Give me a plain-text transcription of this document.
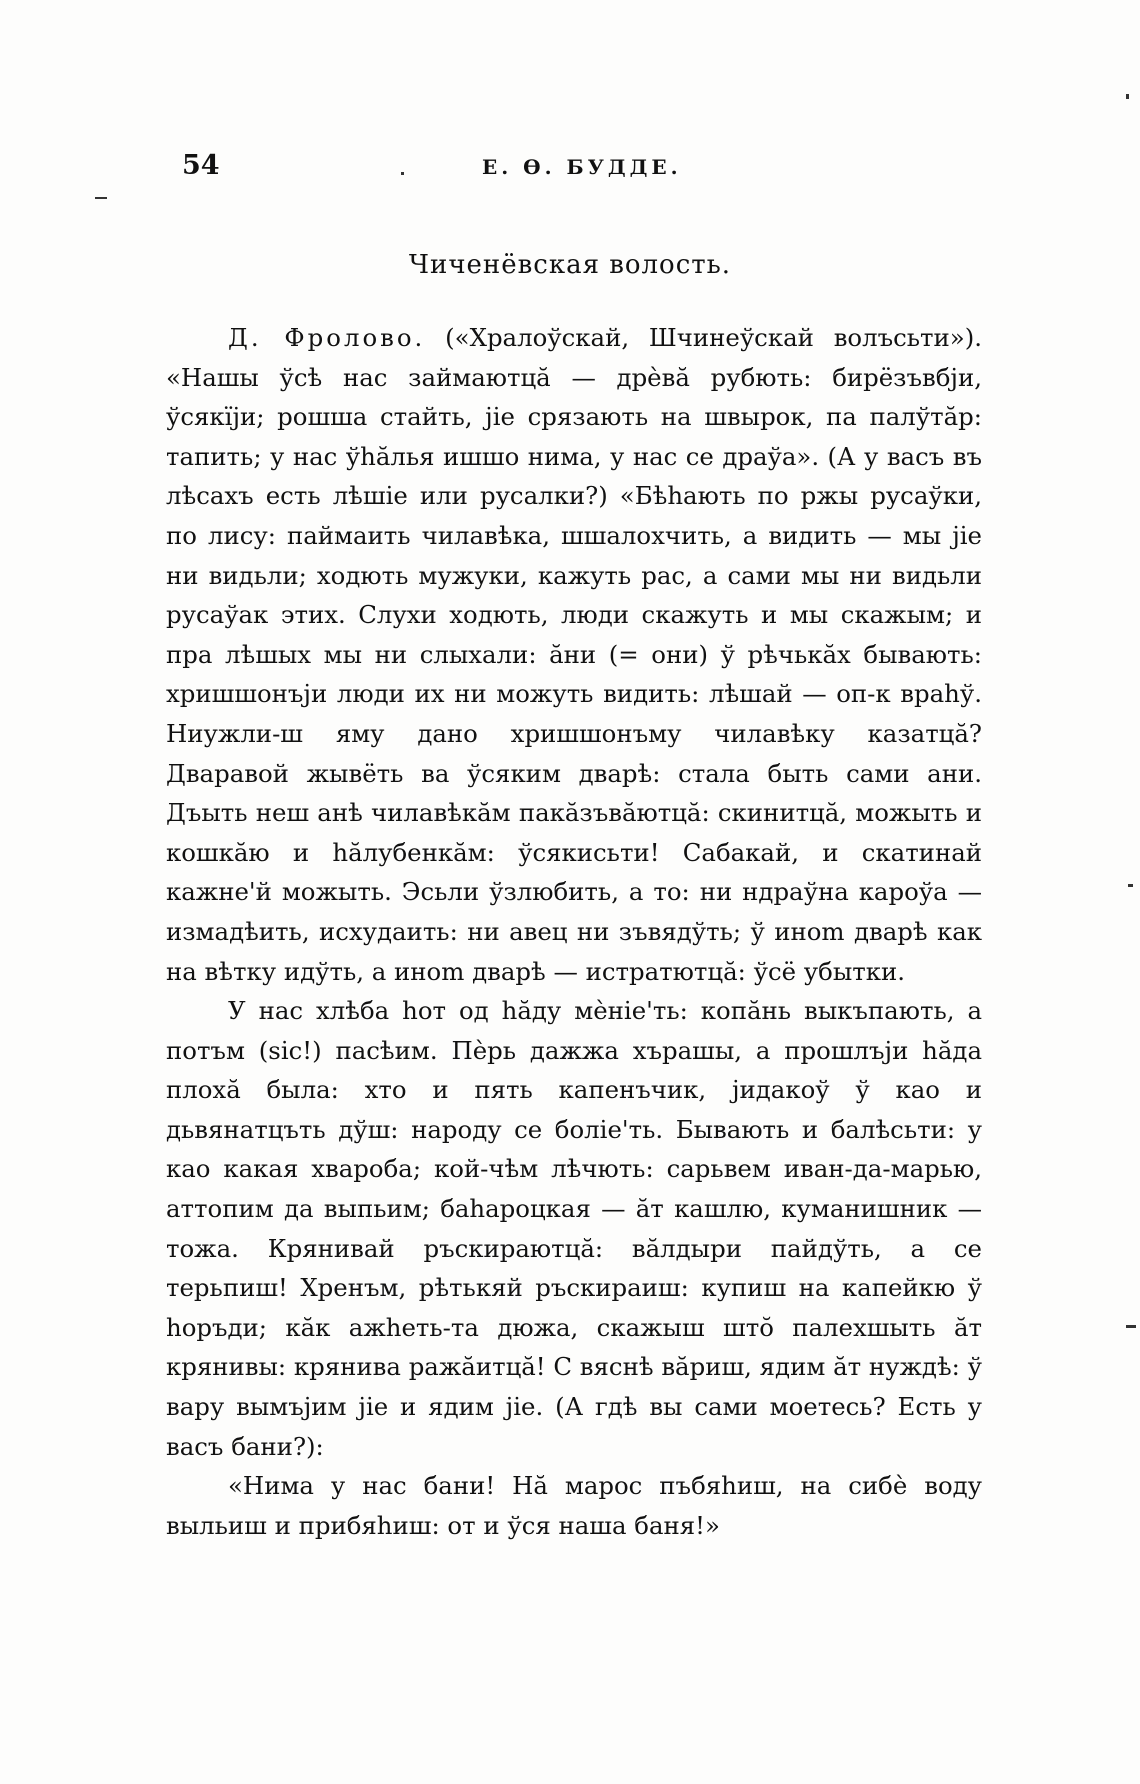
54	Е. Ѳ. БУДДЕ.
Чиченёвская волость.

Д. Фролово. («Хралоўскай, Шчинеўскай волъсьти»). «Нашы ўсѣ нас займаютцă — дрѐвă рубють: бирёзъвбји, ўсякїји; рошша стайть, јіе срязають на швырок, па палўтăр: тапить; у нас ўhăлья ишшо нима, у нас се драўа». (А у васъ въ лѣсахъ есть лѣшіе или русалки?) «Бѣhають по ржы русаўки, по лису: паймаить чилавѣка, шшалохчить, а видить — мы јіе ни видьли; ходють мужуки, кажуть рас, а сами мы ни видьли русаўак этих. Слухи ходють, люди скажуть и мы скажым; и пра лѣшых мы ни слыхали: ăни (= они) ў рѣчькăх бывають: хришшонъји люди их ни можуть видить: лѣшай — оп-к враhў. Ниужли-ш яму дано хришшонъму чилавѣку казатцă? Дваравой жывёть ва ўсяким дварѣ: стала быть сами ани. Дъыть неш анѣ чилавѣкăм пакăзъвăютцă: скинитцă, можыть и кошкăю и hăлубенкăм: ўсякисьти! Сабакай, и скатинай кажне'й можыть. Эсьли ўзлюбить, а то: ни ндраўна кароўа — измадѣить, исхудаить: ни авец ни зъвядўть; ў иноm дварѣ как на вѣтку идўть, а иноm дварѣ — истратютцă: ўсё убытки.

У нас хлѣба hот од hăду мѐніе'ть: копăнь выкъпають, а потъм (sic!) пасѣим. Пѐрь дажжа хърашы, а прошлъји hăда плохă была: хто и пять капенъчик, јидакоў ў као и дьвянатцъть дўш: народу се боліе'ть. Бывають и балѣсьти: у као какая хвароба; кой-чѣм лѣчють: сарьвем иван-да-марью, аттопим да выпьим; баhароцкая — ăт кашлю, куманишник — тожа. Крянивай ръскираютцă: вăлдыри пайдўть, а се терьпиш! Хренъм, рѣтькяй ръскираиш: купиш на капейкю ў hоръди; кăк ажhеть-та дюжа, скажыш штŏ палехшыть ăт крянивы: крянива ражăитцă! С вяснѣ вăриш, ядим ăт нуждѣ: ў вару вымъјим јіе и ядим јіе. (А гдѣ вы сами моетесь? Есть у васъ бани?):

«Нима у нас бани! Нă марос пъбяhиш, на сибѐ воду выльиш и прибяhиш: от и ўся наша баня!»
